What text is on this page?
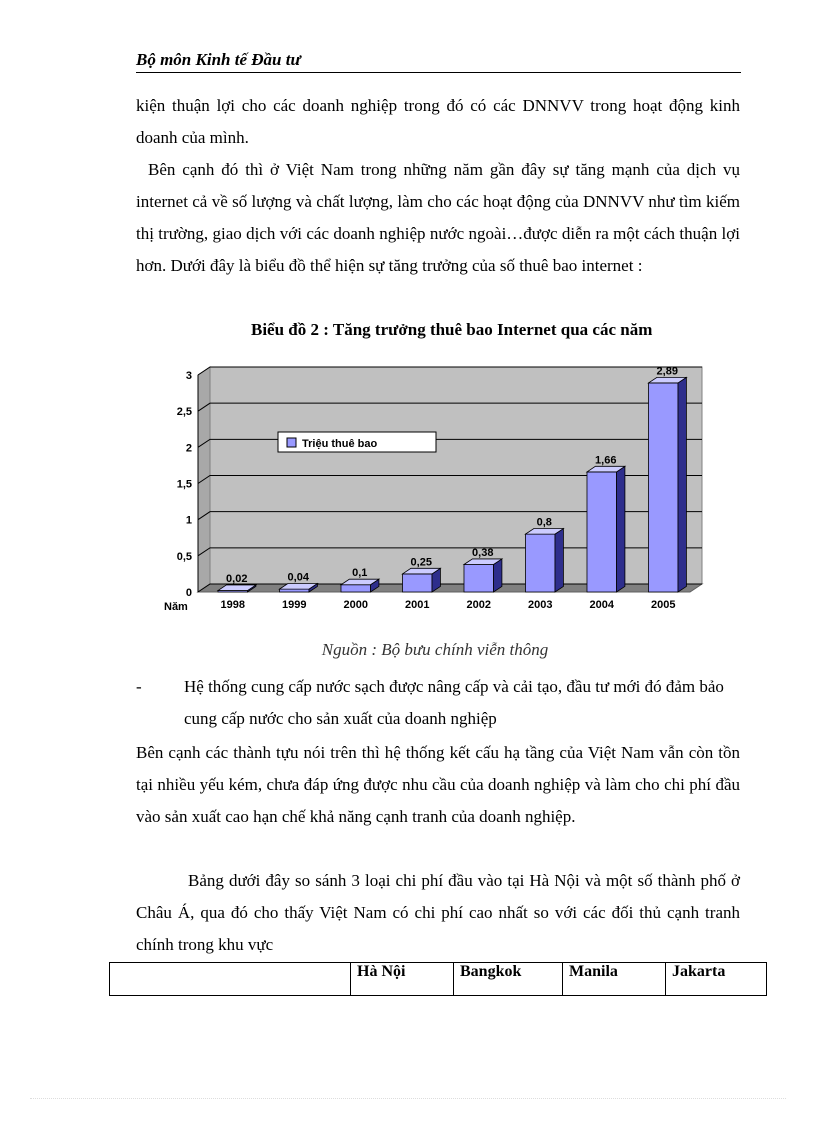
Bộ môn Kinh tế Đầu tư

kiện thuận lợi cho các doanh nghiệp trong đó có các DNNVV trong hoạt động kinh doanh của mình.

Bên cạnh đó thì ở Việt Nam trong những năm gần đây sự tăng mạnh của dịch vụ internet cả về số lượng và chất lượng, làm cho các hoạt động của DNNVV như tìm kiếm thị trường, giao dịch với các doanh nghiệp nước ngoài…được diễn ra một cách thuận lợi hơn. Dưới đây là biểu đồ thể hiện sự tăng trưởng của số thuê bao internet :

Biểu đồ 2 : Tăng trưởng thuê bao Internet qua các năm
0
0,5
1
1,5
2
2,5
3
0,02
1998
0,04
1999
0,1
2000
0,25
2001
0,38
2002
0,8
2003
1,66
2004
2,89
2005
Năm
Triệu thuê bao
Nguồn : Bộ bưu chính viễn thông
- Hệ thống cung cấp nước sạch được nâng cấp và cải tạo, đầu tư mới đó đảm bảo cung cấp nước cho sản xuất của doanh nghiệp

Bên cạnh các thành tựu nói trên thì hệ thống kết cấu hạ tầng của Việt Nam vẫn còn tồn tại nhiều yếu kém, chưa đáp ứng được nhu cầu của doanh nghiệp và làm cho chi phí đầu vào sản xuất cao hạn chế khả năng cạnh tranh của doanh nghiệp.

Bảng dưới đây so sánh 3 loại chi phí đầu vào tại Hà Nội và một số thành phố ở Châu Á, qua đó cho thấy Việt Nam có chi phí cao nhất so với các đối thủ cạnh tranh chính trong khu vực

	Hà Nội	Bangkok	Manila	Jakarta
